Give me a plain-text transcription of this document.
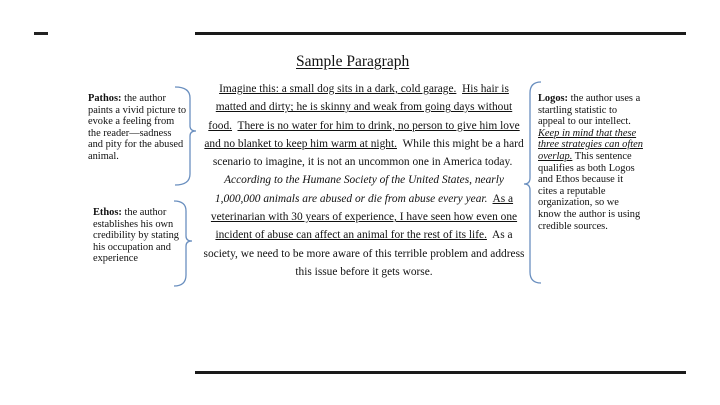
Sample Paragraph

Imagine this: a small dog sits in a dark, cold garage. His hair is matted and dirty; he is skinny and weak from going days without food. There is no water for him to drink, no person to give him love and no blanket to keep him warm at night. While this might be a hard scenario to imagine, it is not an uncommon one in America today.  According to the Humane Society of the United States, nearly 1,000,000 animals are abused or die from abuse every year. As a veterinarian with 30 years of experience, I have seen how even one incident of abuse can affect an animal for the rest of its life. As a society, we need to be more aware of this terrible problem and address this issue before it gets worse.

Pathos: the author paints a vivid picture to evoke a feeling from the reader—sadness and pity for the abused animal.
Ethos: the author establishes his own credibility by stating his occupation and experience
Logos: the author uses a startling statistic to appeal to our intellect. Keep in mind that these three strategies can often overlap. This sentence qualifies as both Logos and Ethos because it cites a reputable organization, so we know the author is using credible sources.
